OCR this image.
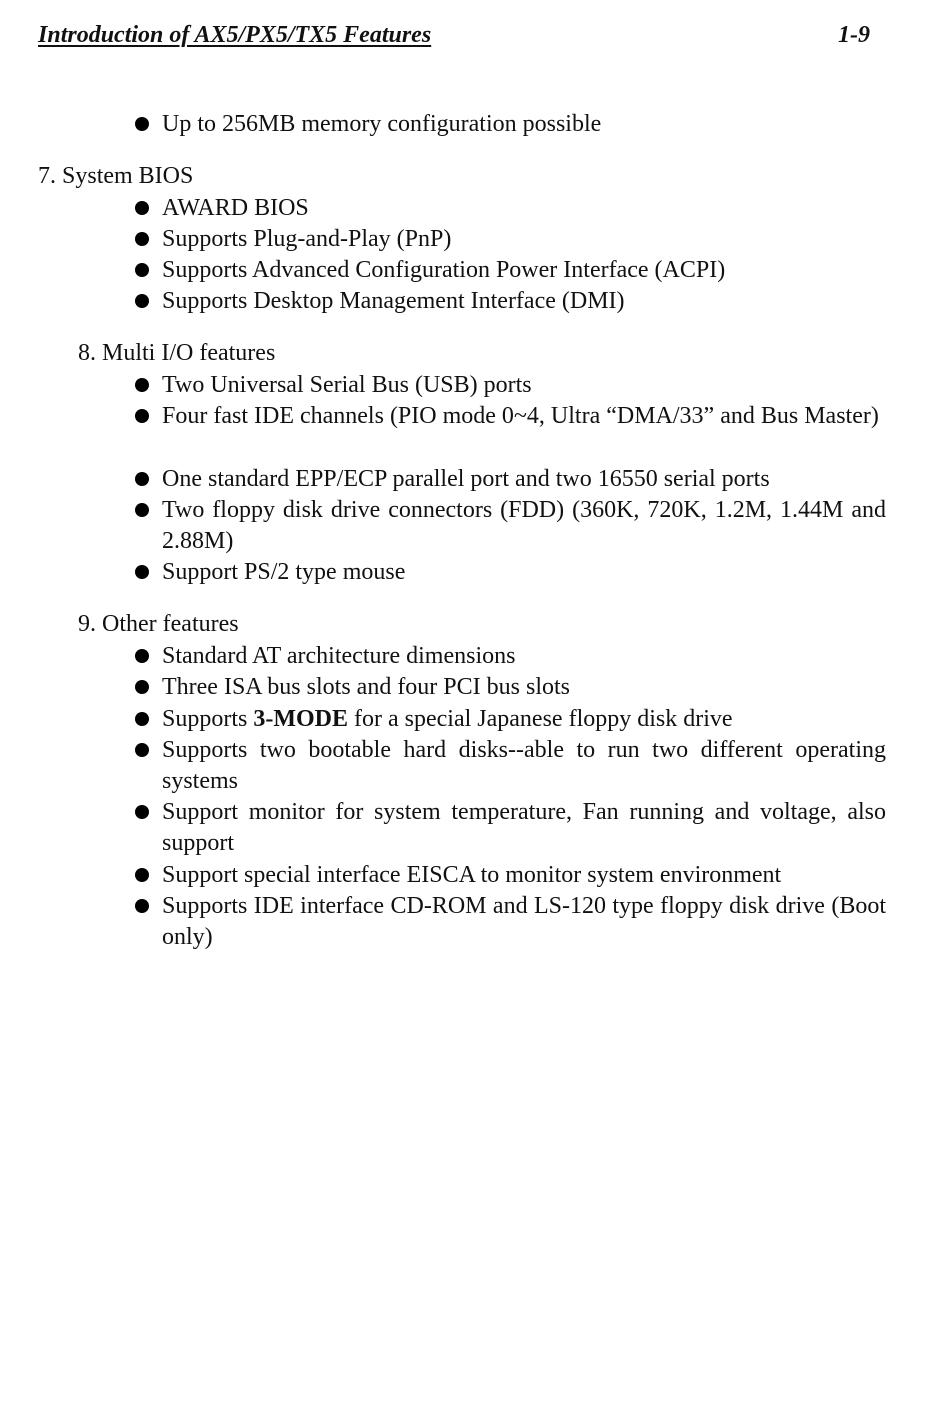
Introduction of AX5/PX5/TX5 Features	1-9
Up to 256MB memory configuration possible
7. System BIOS
AWARD BIOS
Supports Plug-and-Play (PnP)
Supports Advanced Configuration Power Interface (ACPI)
Supports Desktop Management Interface (DMI)
8. Multi I/O features
Two Universal Serial Bus (USB) ports
Four fast IDE channels (PIO mode 0~4, Ultra “DMA/33” and Bus Master)
One standard EPP/ECP parallel port and two 16550 serial ports
Two floppy disk drive connectors (FDD) (360K, 720K, 1.2M, 1.44M and 2.88M)
Support PS/2 type mouse
9. Other features
Standard AT architecture dimensions
Three ISA bus slots and four PCI bus slots
Supports 3-MODE for a special Japanese floppy disk drive
Supports two bootable hard disks--able to run two different operating systems
Support monitor for system temperature, Fan running and voltage, also support
Support special interface EISCA to monitor system environment
Supports IDE interface CD-ROM and LS-120 type floppy disk drive (Boot only)
